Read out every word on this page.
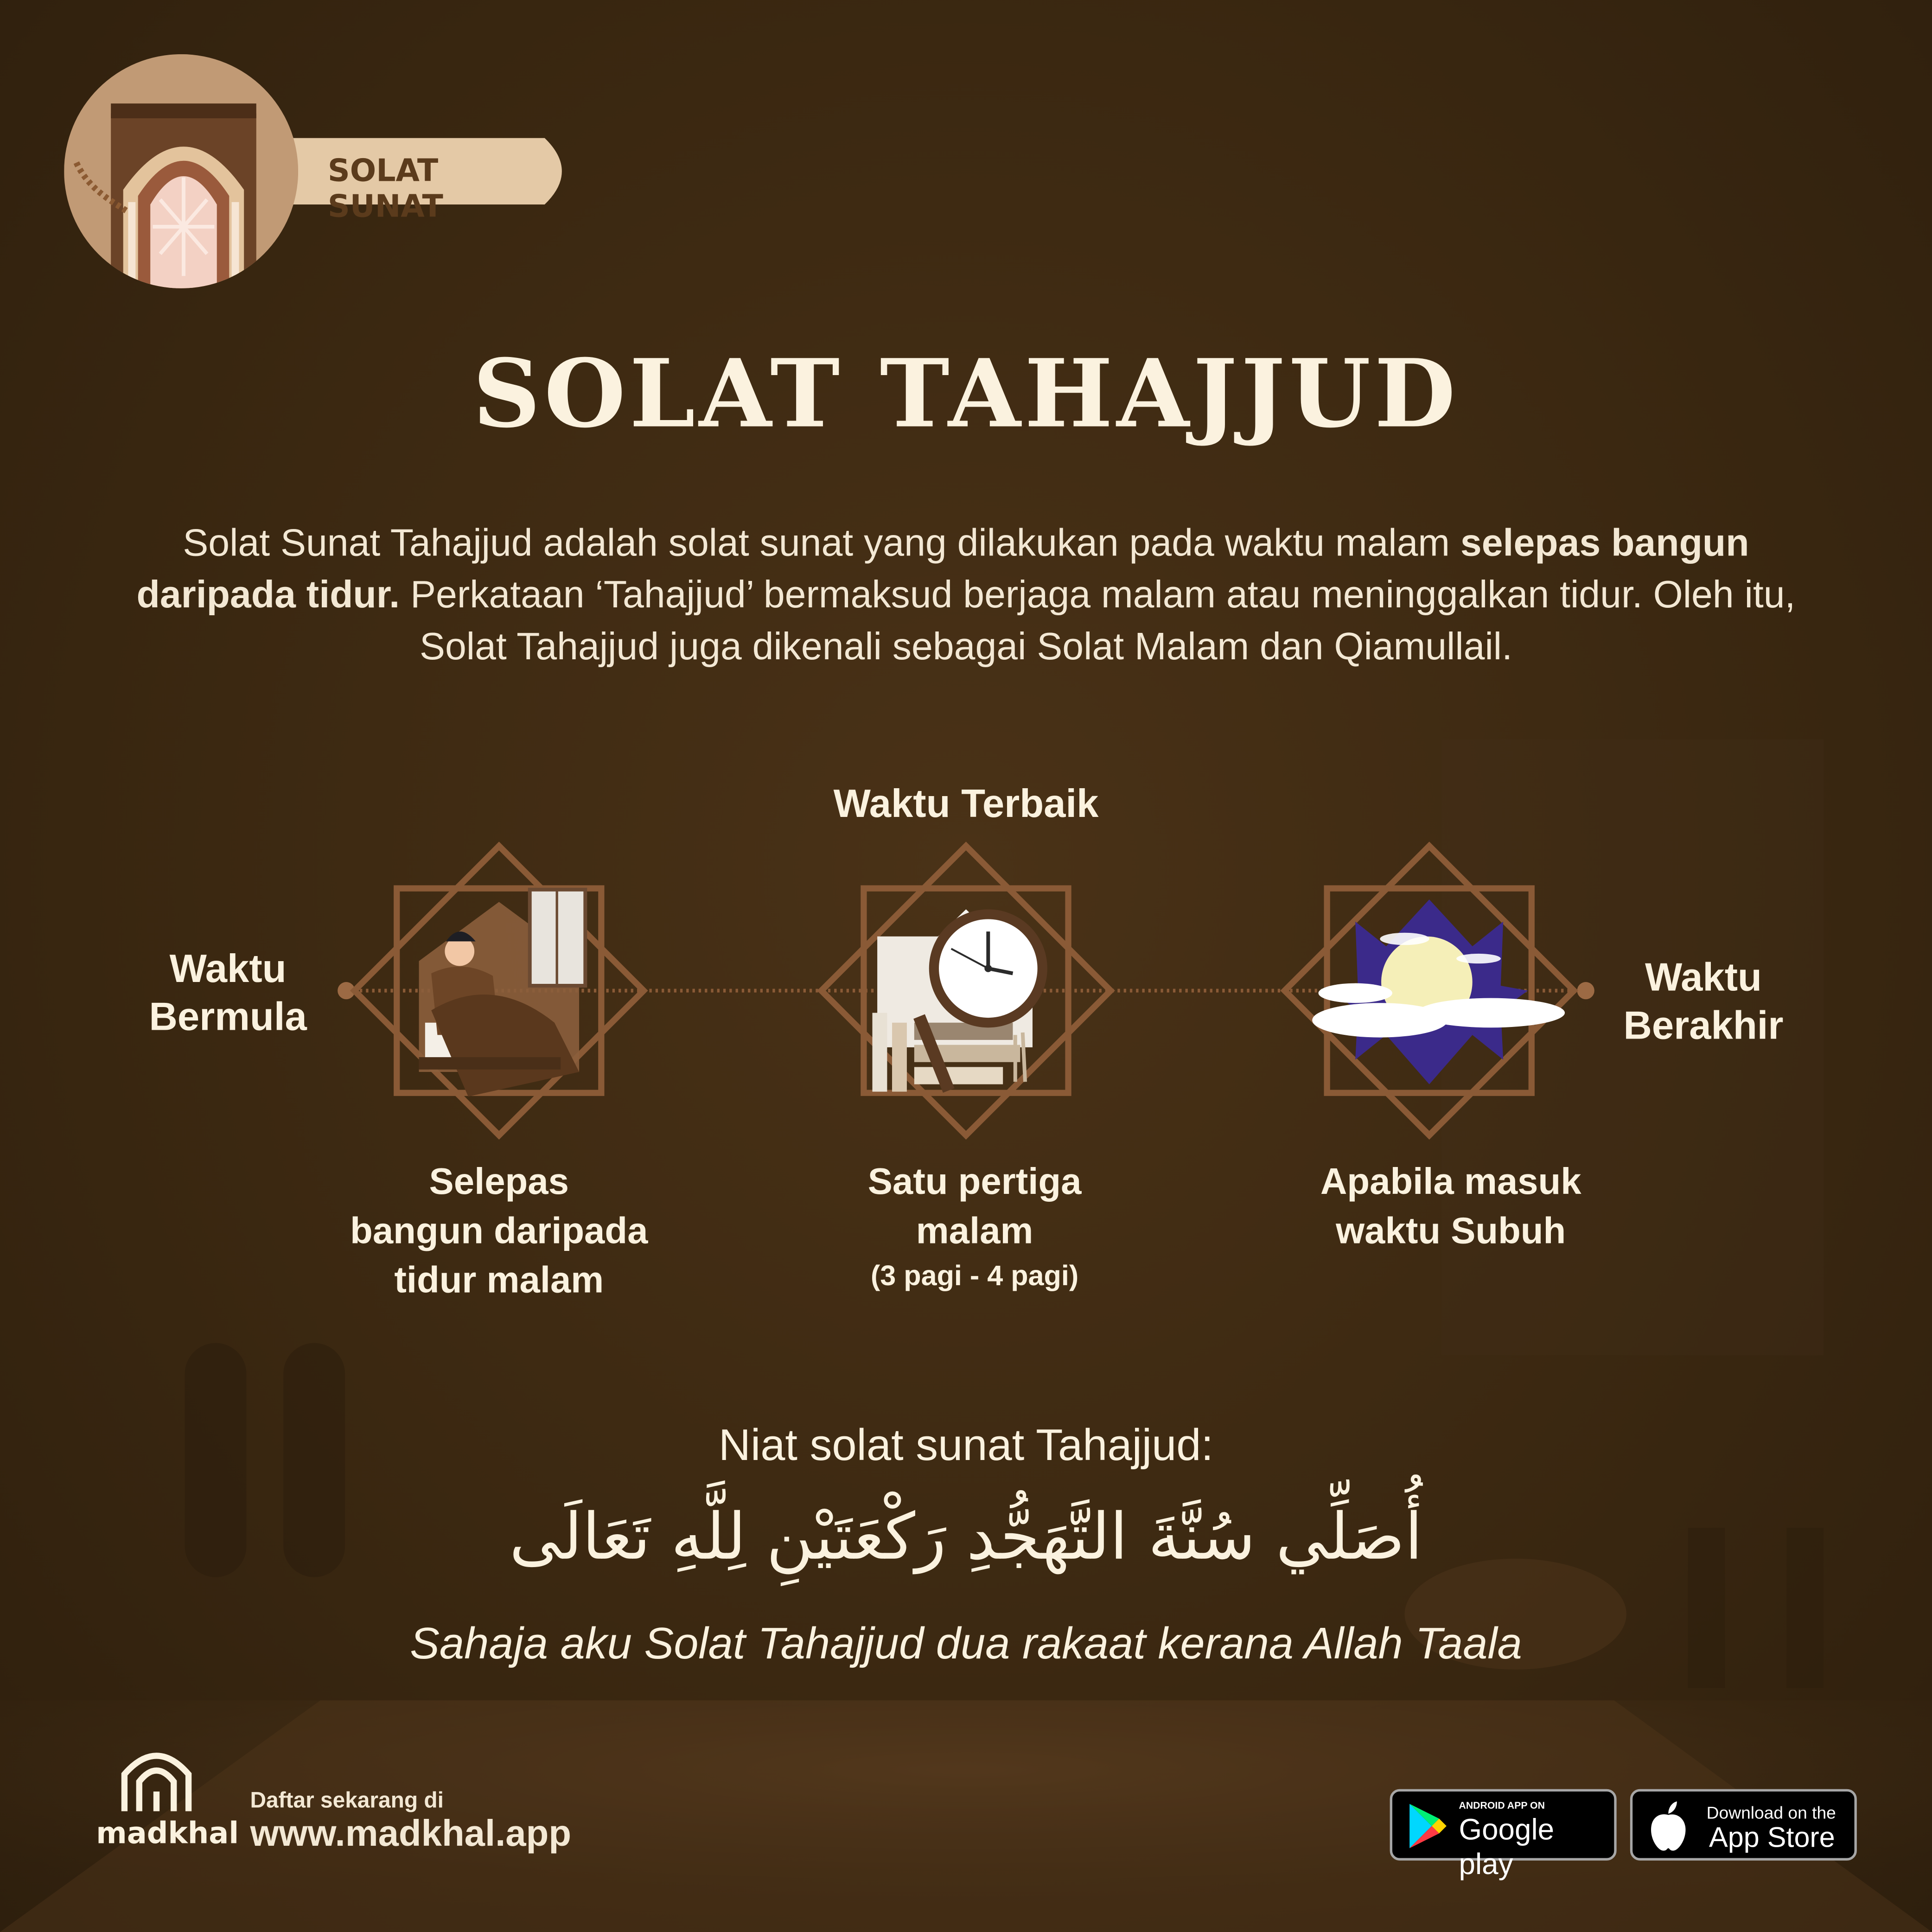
SOLAT SUNAT
SOLAT TAHAJJUD
Solat Sunat Tahajjud adalah solat sunat yang dilakukan pada waktu malam selepas bangun daripada tidur. Perkataan ‘Tahajjud’ bermaksud berjaga malam atau meninggalkan tidur. Oleh itu, Solat Tahajjud juga dikenali sebagai Solat Malam dan Qiamullail.
Waktu Terbaik
Waktu
Bermula
Waktu
Berakhir
Selepas
bangun daripada
tidur malam
Satu pertiga
malam
(3 pagi - 4 pagi)
Apabila masuk
waktu Subuh
Niat solat sunat Tahajjud:
أُصَلِّي سُنَّةَ التَّهَجُّدِ رَكْعَتَيْنِ لِلَّهِ تَعَالَى
Sahaja aku Solat Tahajjud dua rakaat kerana Allah Taala
madkhal
Daftar sekarang di
www.madkhal.app
ANDROID APP ON
Google play
Download on the
App Store
